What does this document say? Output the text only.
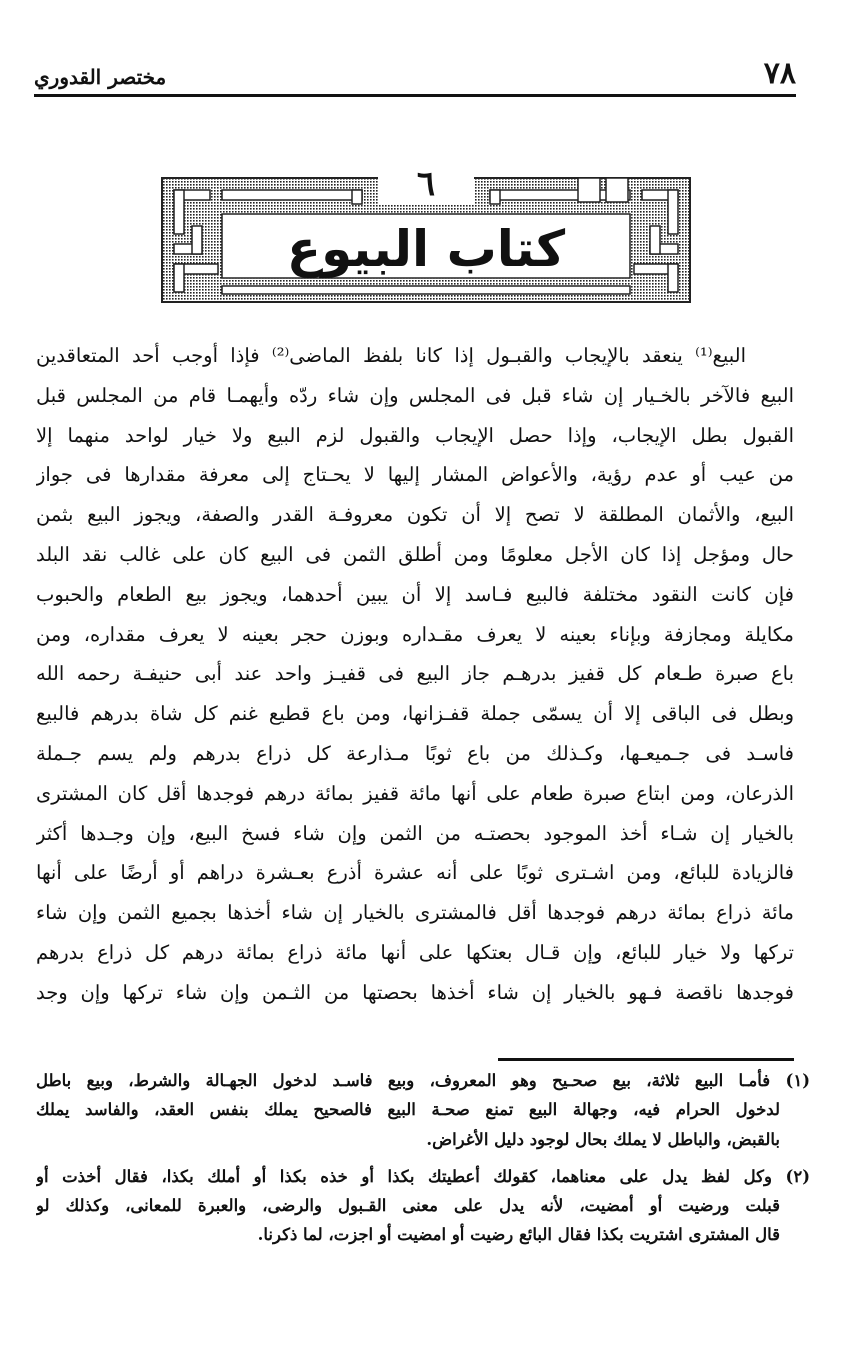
٧٨
مختصر القدوري
٦
كتاب البيوع
البيع⁽¹⁾ ينعقد بالإيجاب والقبـول إذا كانا بلفظ الماضى⁽²⁾ فإذا أوجب أحد المتعاقدين
البيع فالآخر بالخـيار إن شاء قبل فى المجلس وإن شاء ردّه وأيهمـا قام من المجلس قبل
القبول بطل الإيجاب، وإذا حصل الإيجاب والقبول لزم البيع ولا خيار لواحد منهما إلا
من عيب أو عدم رؤية، والأعواض المشار إليها لا يحـتاج إلى معرفة مقدارها فى جواز
البيع، والأثمان المطلقة لا تصح إلا أن تكون معروفـة القدر والصفة، ويجوز البيع بثمن
حال ومؤجل إذا كان الأجل معلومًا ومن أطلق الثمن فى البيع كان على غالب نقد البلد
فإن كانت النقود مختلفة فالبيع فـاسد إلا أن يبين أحدهما، ويجوز بيع الطعام والحبوب
مكايلة ومجازفة وبإناء بعينه لا يعرف مقـداره وبوزن حجر بعينه لا يعرف مقداره، ومن
باع صبرة طـعام كل قفيز بدرهـم جاز البيع فى قفيـز واحد عند أبى حنيفـة رحمه الله
وبطل فى الباقى إلا أن يسمّى جملة قفـزانها، ومن باع قطيع غنم كل شاة بدرهم فالبيع
فاسـد فى جـميعـها، وكـذلك من باع ثوبًا مـذارعة كل ذراع بدرهم ولم يسم جـملة
الذرعان، ومن ابتاع صبرة طعام على أنها مائة قفيز بمائة درهم فوجدها أقل كان المشترى
بالخيار إن شـاء أخذ الموجود بحصتـه من الثمن وإن شاء فسخ البيع، وإن وجـدها أكثر
فالزيادة للبائع، ومن اشـترى ثوبًا على أنه عشرة أذرع بعـشرة دراهم أو أرضًا على أنها
مائة ذراع بمائة درهم فوجدها أقل فالمشترى بالخيار إن شاء أخذها بجميع الثمن وإن شاء
تركها ولا خيار للبائع، وإن قـال بعتكها على أنها مائة ذراع بمائة درهم كل ذراع بدرهم
فوجدها ناقصة فـهو بالخيار إن شاء أخذها بحصتها من الثـمن وإن شاء تركها وإن وجد
(١) فأمـا البيع ثلاثة، بيع صحـيح وهو المعروف، وبيع فاسـد لدخول الجهـالة والشرط، وبيع باطل
لدخول الحرام فيه، وجهالة البيع تمنع صحـة البيع فالصحيح يملك بنفس العقد، والفاسد يملك
بالقبض، والباطل لا يملك بحال لوجود دليل الأغراض.
(٢) وكل لفظ يدل على معناهما، كقولك أعطيتك بكذا أو خذه بكذا أو أملك بكذا، فقال أخذت أو
قبلت ورضيت أو أمضيت، لأنه يدل على معنى القـبول والرضى، والعبرة للمعانى، وكذلك لو
قال المشترى اشتريت بكذا فقال البائع رضيت أو امضيت أو اجزت، لما ذكرنا.
